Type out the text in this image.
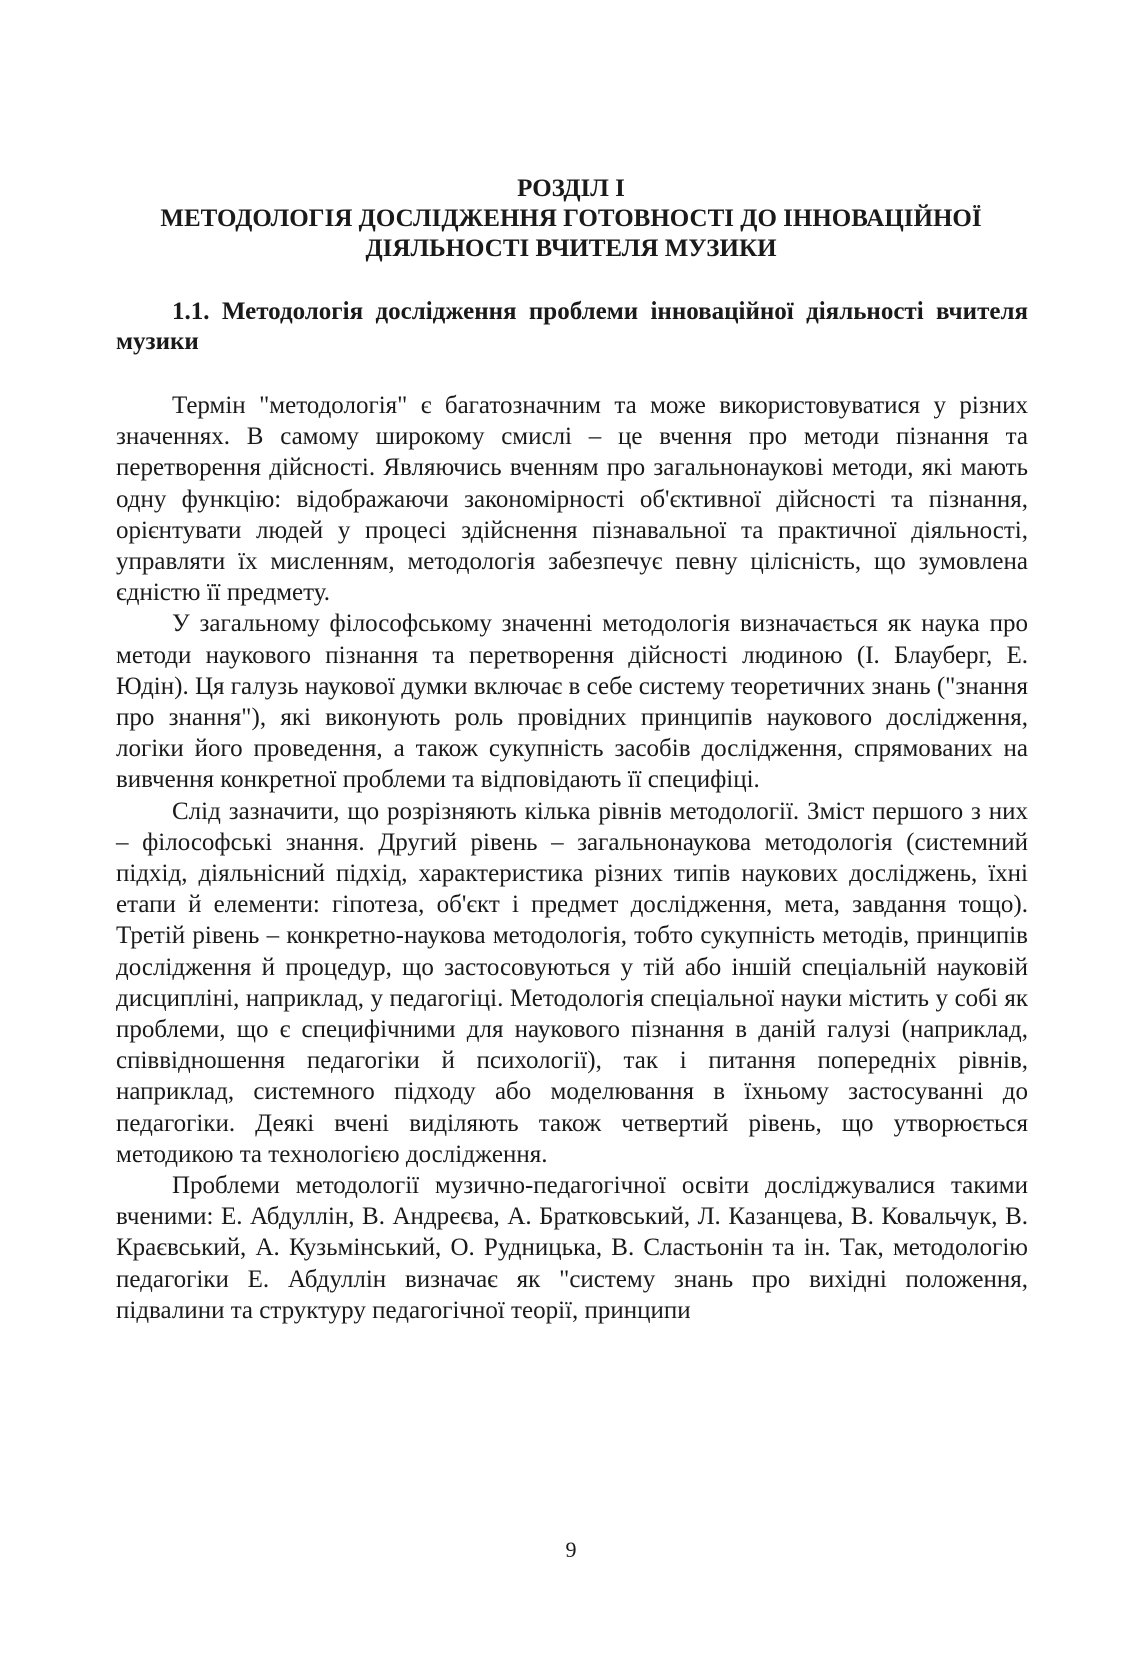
РОЗДІЛ І
МЕТОДОЛОГІЯ ДОСЛІДЖЕННЯ ГОТОВНОСТІ ДО ІННОВАЦІЙНОЇ
ДІЯЛЬНОСТІ ВЧИТЕЛЯ МУЗИКИ
1.1. Методологія дослідження проблеми інноваційної діяльності вчителя музики

Термін "методологія" є багатозначним та може використовуватися у різних значеннях. В самому широкому смислі – це вчення про методи пізнання та перетворення дійсності. Являючись вченням про загальнонаукові методи, які мають одну функцію: відображаючи закономірності об'єктивної дійсності та пізнання, орієнтувати людей у процесі здійснення пізнавальної та практичної діяльності, управляти їх мисленням, методологія забезпечує певну цілісність, що зумовлена єдністю її предмету.

У загальному філософському значенні методологія визначається як наука про методи наукового пізнання та перетворення дійсності людиною (І. Блауберг, Е. Юдін). Ця галузь наукової думки включає в себе систему теоретичних знань ("знання про знання"), які виконують роль провідних принципів наукового дослідження, логіки його проведення, а також сукупність засобів дослідження, спрямованих на вивчення конкретної проблеми та відповідають її специфіці.

Слід зазначити, що розрізняють кілька рівнів методології. Зміст першого з них – філософські знання. Другий рівень – загальнонаукова методологія (системний підхід, діяльнісний підхід, характеристика різних типів наукових досліджень, їхні етапи й елементи: гіпотеза, об'єкт і предмет дослідження, мета, завдання тощо). Третій рівень – конкретно-наукова методологія, тобто сукупність методів, принципів дослідження й процедур, що застосовуються у тій або іншій спеціальній науковій дисципліні, наприклад, у педагогіці. Методологія спеціальної науки містить у собі як проблеми, що є специфічними для наукового пізнання в даній галузі (наприклад, співвідношення педагогіки й психології), так і питання попередніх рівнів, наприклад, системного підходу або моделювання в їхньому застосуванні до педагогіки. Деякі вчені виділяють також четвертий рівень, що утворюється методикою та технологією дослідження.

Проблеми методології музично-педагогічної освіти досліджувалися такими вченими: Е. Абдуллін, В. Андреєва, А. Братковський, Л. Казанцева, В. Ковальчук, В. Краєвський, А. Кузьмінський, О. Рудницька, В. Сластьонін та ін. Так, методологію педагогіки Е. Абдуллін визначає як "систему знань про вихідні положення, підвалини та структуру педагогічної теорії, принципи

9
